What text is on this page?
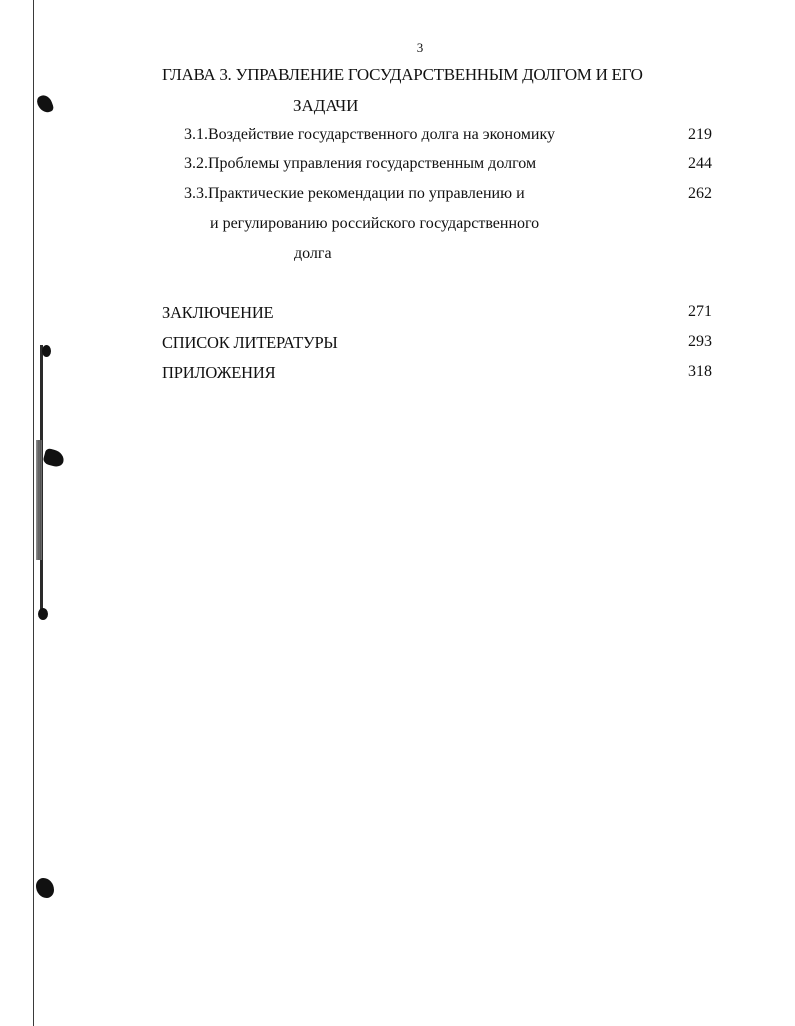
3
ГЛАВА 3. УПРАВЛЕНИЕ ГОСУДАРСТВЕННЫМ ДОЛГОМ И ЕГО
ЗАДАЧИ
3.1.Воздействие государственного долга на экономику	219
3.2.Проблемы управления государственным долгом	244
3.3.Практические рекомендации по управлению и	262
и регулированию российского государственного
долга
ЗАКЛЮЧЕНИЕ	271
СПИСОК ЛИТЕРАТУРЫ	293
ПРИЛОЖЕНИЯ	318
